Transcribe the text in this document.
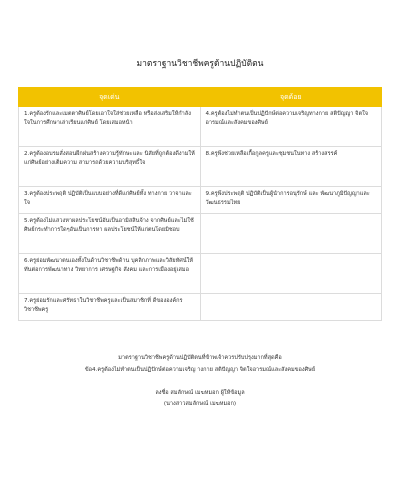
มาตราฐานวิชาชีพครูด้านปฏิบัติตน
จุดเด่น	จุดด้อย
1.ครูต้องรักและเมตตาศิษย์โดยเอาใจใส่ช่วยเหลือ หรือส่งเสริมให้กำลังใจในการศึกษาเล่าเรียนแก่ศิษย์ โดยเสมอหน้า	4.ครูต้องไม่ทำตนเป็นปฏิปักษ์ต่อความเจริญทางกาย สติปัญญา จิตใจอารมณ์และสังคมของศิษย์
2.ครูต้องอบรมสั่งสอนฝึกฝนสร้างความรู้ทักษะและ นิสัยที่ถูกต้องดีงามให้แก่ศิษย์อย่างเต็มความ สามารถด้วยความบริสุทธิ์ใจ	8.ครูพึงช่วยเหลือเกื้อกูลครูและชุมชนในทาง สร้างสรรค์
3.ครูต้องประพฤติ ปฏิบัติเป็นแบบอย่างที่ดีแก่ศิษย์ทั้ง ทางกาย วาจาและใจ	9.ครูพึงประพฤติ ปฏิบัติเป็นผู้นำการอนุรักษ์ และ พัฒนาภูมิปัญญาและวัฒนธรรมไทย
5.ครูต้องไม่แสวงหาผลประโยชน์อันเป็นอามิสสินจ้าง จากศิษย์และไม่ใช้ศิษย์กระทำการใดๆอันเป็นการหา ผลประโยชน์ให้แก่ตนโดยมิชอบ	
6.ครูย่อมพัฒนาตนเองทั้งในด้านวิชาชีพด้าน บุคลิกภาพและวิสัยทัศน์ให้ทันต่อการพัฒนาทาง วิทยาการ เศรษฐกิจ สังคม และการเมืองอยู่เสมอ	
7.ครูย่อมรักและศรัทธาในวิชาชีพครูและเป็นสมาชิกที่ ดีขององค์กรวิชาชีพครู	
มาตราฐานวิชาชีพครูด้านปฏิบัติตนที่ข้าพเจ้าควรปรับปรุงมากที่สุดคือ
ข้อ4.ครูต้องไม่ทำตนเป็นปฏิปักษ์ต่อความเจริญ างกาย สติปัญญา จิตใจอารมณ์และสังคมของศิษย์
ลงชื่อ สมลักษณ์ เมฆหมอก ผู้ให้ข้อมูล
(นางสาวสมลักษณ์ เมฆหมอก)
